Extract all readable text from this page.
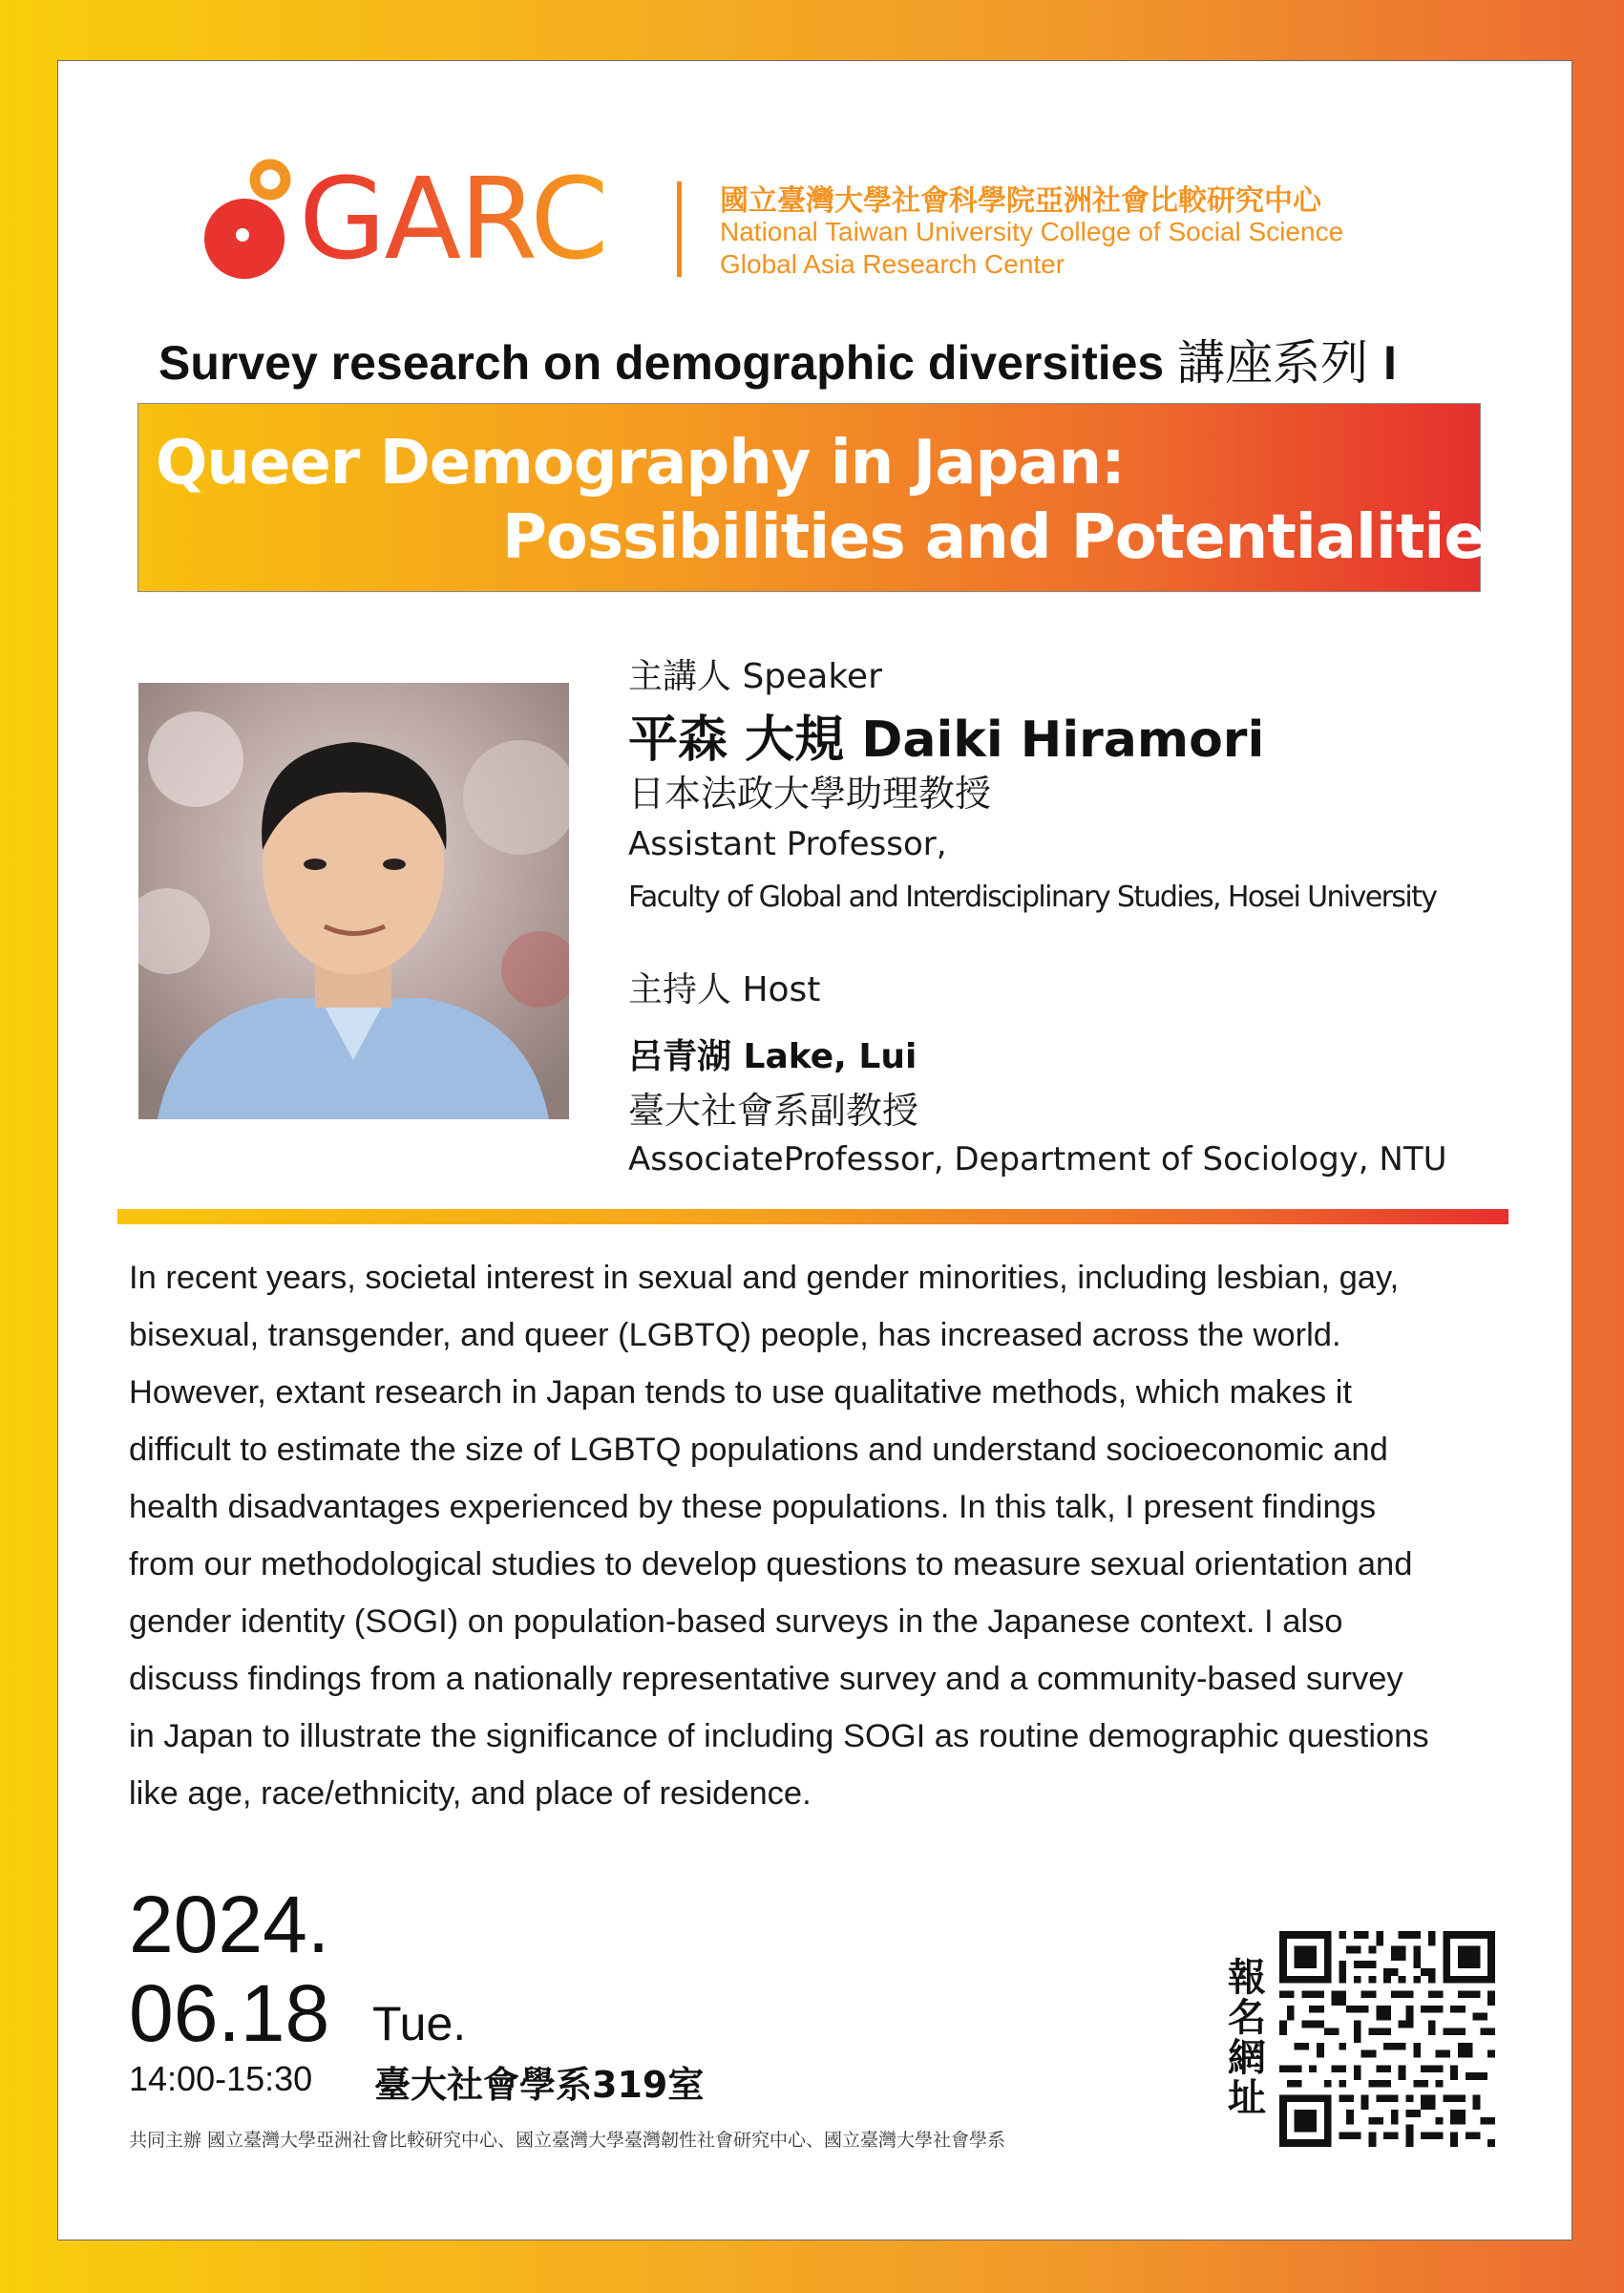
GARC	國立臺灣大學社會科學院亞洲社會比較研究中心
National Taiwan University College of Social Science
Global Asia Research Center
Survey research on demographic diversities 講座系列 I
Queer Demography in Japan:
Possibilities and Potentialities
主講人 Speaker
平森 大規 Daiki Hiramori
日本法政大學助理教授
Assistant Professor,
Faculty of Global and Interdisciplinary Studies, Hosei University
主持人 Host
呂青湖 Lake, Lui
臺大社會系副教授
AssociateProfessor, Department of Sociology, NTU
In recent years, societal interest in sexual and gender minorities, including lesbian, gay,
bisexual, transgender, and queer (LGBTQ) people, has increased across the world.
However, extant research in Japan tends to use qualitative methods, which makes it
difficult to estimate the size of LGBTQ populations and understand socioeconomic and
health disadvantages experienced by these populations. In this talk, I present findings
from our methodological studies to develop questions to measure sexual orientation and
gender identity (SOGI) on population-based surveys in the Japanese context. I also
discuss findings from a nationally representative survey and a community-based survey
in Japan to illustrate the significance of including SOGI as routine demographic questions
like age, race/ethnicity, and place of residence.
2024.
06.18 Tue.
14:00-15:30 臺大社會學系319室
共同主辦 國立臺灣大學亞洲社會比較研究中心、國立臺灣大學臺灣韌性社會研究中心、國立臺灣大學社會學系
報
名
網
址
